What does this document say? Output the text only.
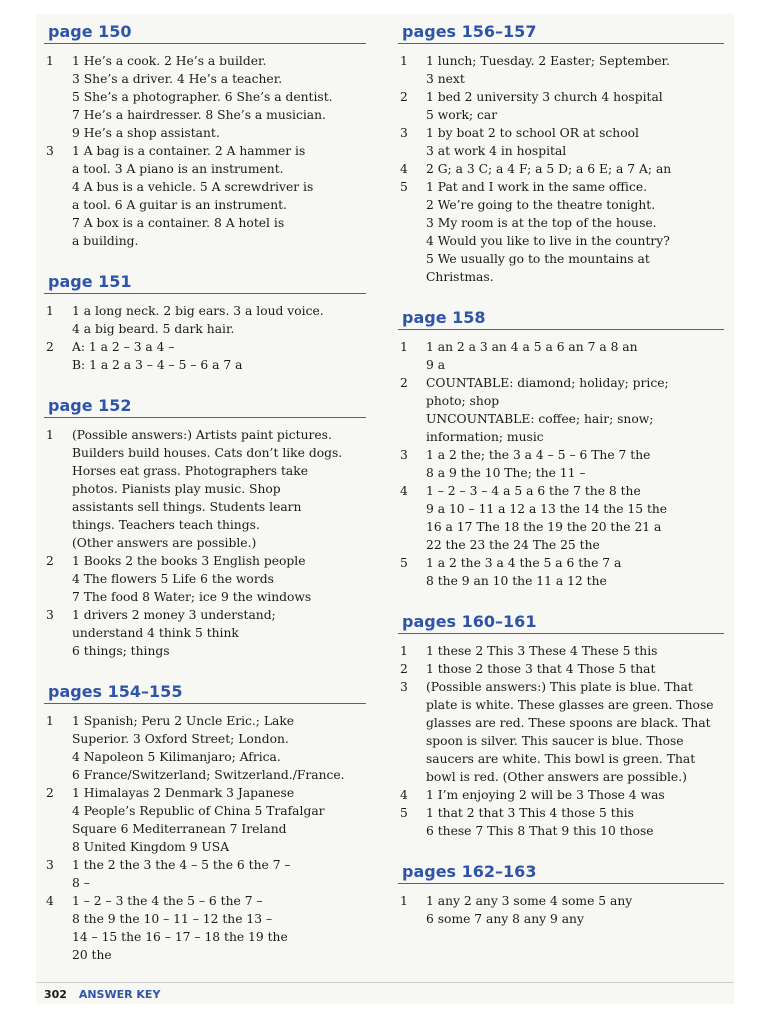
page 150
1	1 He’s a cook. 2 He’s a builder.
3 She’s a driver. 4 He’s a teacher.
5 She’s a photographer. 6 She’s a dentist.
7 He’s a hairdresser. 8 She’s a musician.
9 He’s a shop assistant.
3	1 A bag is a container. 2 A hammer is
a tool. 3 A piano is an instrument.
4 A bus is a vehicle. 5 A screwdriver is
a tool. 6 A guitar is an instrument.
7 A box is a container. 8 A hotel is
a building.
page 151
1	1 a long neck. 2 big ears. 3 a loud voice.
4 a big beard. 5 dark hair.
2	A: 1 a 2 – 3 a 4 –
B: 1 a 2 a 3 – 4 – 5 – 6 a 7 a
page 152
1	(Possible answers:) Artists paint pictures.
Builders build houses. Cats don’t like dogs.
Horses eat grass. Photographers take
photos. Pianists play music. Shop
assistants sell things. Students learn
things. Teachers teach things.
(Other answers are possible.)
2	1 Books 2 the books 3 English people
4 The flowers 5 Life 6 the words
7 The food 8 Water; ice 9 the windows
3	1 drivers 2 money 3 understand;
understand 4 think 5 think
6 things; things
pages 154–155
1	1 Spanish; Peru 2 Uncle Eric.; Lake
Superior. 3 Oxford Street; London.
4 Napoleon 5 Kilimanjaro; Africa.
6 France/Switzerland; Switzerland./France.
2	1 Himalayas 2 Denmark 3 Japanese
4 People’s Republic of China 5 Trafalgar
Square 6 Mediterranean 7 Ireland
8 United Kingdom 9 USA
3	1 the 2 the 3 the 4 – 5 the 6 the 7 –
8 –
4	1 – 2 – 3 the 4 the 5 – 6 the 7 –
8 the 9 the 10 – 11 – 12 the 13 –
14 – 15 the 16 – 17 – 18 the 19 the
20 the
pages 156–157
1	1 lunch; Tuesday. 2 Easter; September.
3 next
2	1 bed 2 university 3 church 4 hospital
5 work; car
3	1 by boat 2 to school OR at school
3 at work 4 in hospital
4	2 G; a 3 C; a 4 F; a 5 D; a 6 E; a 7 A; an
5	1 Pat and I work in the same office.
2 We’re going to the theatre tonight.
3 My room is at the top of the house.
4 Would you like to live in the country?
5 We usually go to the mountains at
Christmas.
page 158
1	1 an 2 a 3 an 4 a 5 a 6 an 7 a 8 an
9 a
2	COUNTABLE: diamond; holiday; price;
photo; shop
UNCOUNTABLE: coffee; hair; snow;
information; music
3	1 a 2 the; the 3 a 4 – 5 – 6 The 7 the
8 a 9 the 10 The; the 11 –
4	1 – 2 – 3 – 4 a 5 a 6 the 7 the 8 the
9 a 10 – 11 a 12 a 13 the 14 the 15 the
16 a 17 The 18 the 19 the 20 the 21 a
22 the 23 the 24 The 25 the
5	1 a 2 the 3 a 4 the 5 a 6 the 7 a
8 the 9 an 10 the 11 a 12 the
pages 160–161
1	1 these 2 This 3 These 4 These 5 this
2	1 those 2 those 3 that 4 Those 5 that
3	(Possible answers:) This plate is blue. That
plate is white. These glasses are green. Those
glasses are red. These spoons are black. That
spoon is silver. This saucer is blue. Those
saucers are white. This bowl is green. That
bowl is red. (Other answers are possible.)
4	1 I’m enjoying 2 will be 3 Those 4 was
5	1 that 2 that 3 This 4 those 5 this
6 these 7 This 8 That 9 this 10 those
pages 162–163
1	1 any 2 any 3 some 4 some 5 any
6 some 7 any 8 any 9 any
302 ANSWER KEY
